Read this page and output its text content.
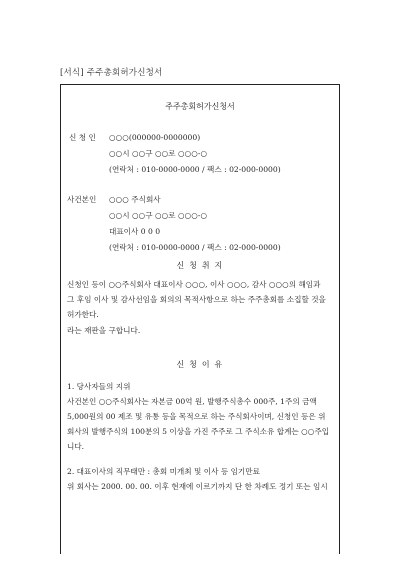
[서식] 주주총회허가신청서
주주총회허가신청서
신 청 인 ○○○(000000-0000000)
○○시 ○○구 ○○로 ○○○-○
(연락처 : 010-0000-0000 / 팩스 : 02-000-0000)
사건본인 ○○○ 주식회사
○○시 ○○구 ○○로 ○○○-○
대표이사 0 0 0
(연락처 : 010-0000-0000 / 팩스 : 02-000-0000)
신 청 취 지
신청인 등이 ○○주식회사 대표이사 ○○○, 이사 ○○○, 감사 ○○○의 해임과
그 후임 이사 및 감사선임을 회의의 목적사항으로 하는 주주총회를 소집할 것을
허가한다.
라는 재판을 구합니다.
신 청 이 유
1. 당사자들의 지위
사건본인 ○○주식회사는 자본금 00억 원, 발행주식총수 000주, 1주의 금액
5,000원의 00 제조 및 유통 등을 목적으로 하는 주식회사이며, 신청인 등은 위
회사의 발행주식의 100분의 5 이상을 가진 주주로 그 주식소유 합계는 ○○주입
니다.
2. 대표이사의 직무태만 : 총회 미개최 및 이사 등 임기만료
위 회사는 2000. 00. 00. 이후 현재에 이르기까지 단 한 차례도 정기 또는 임시
